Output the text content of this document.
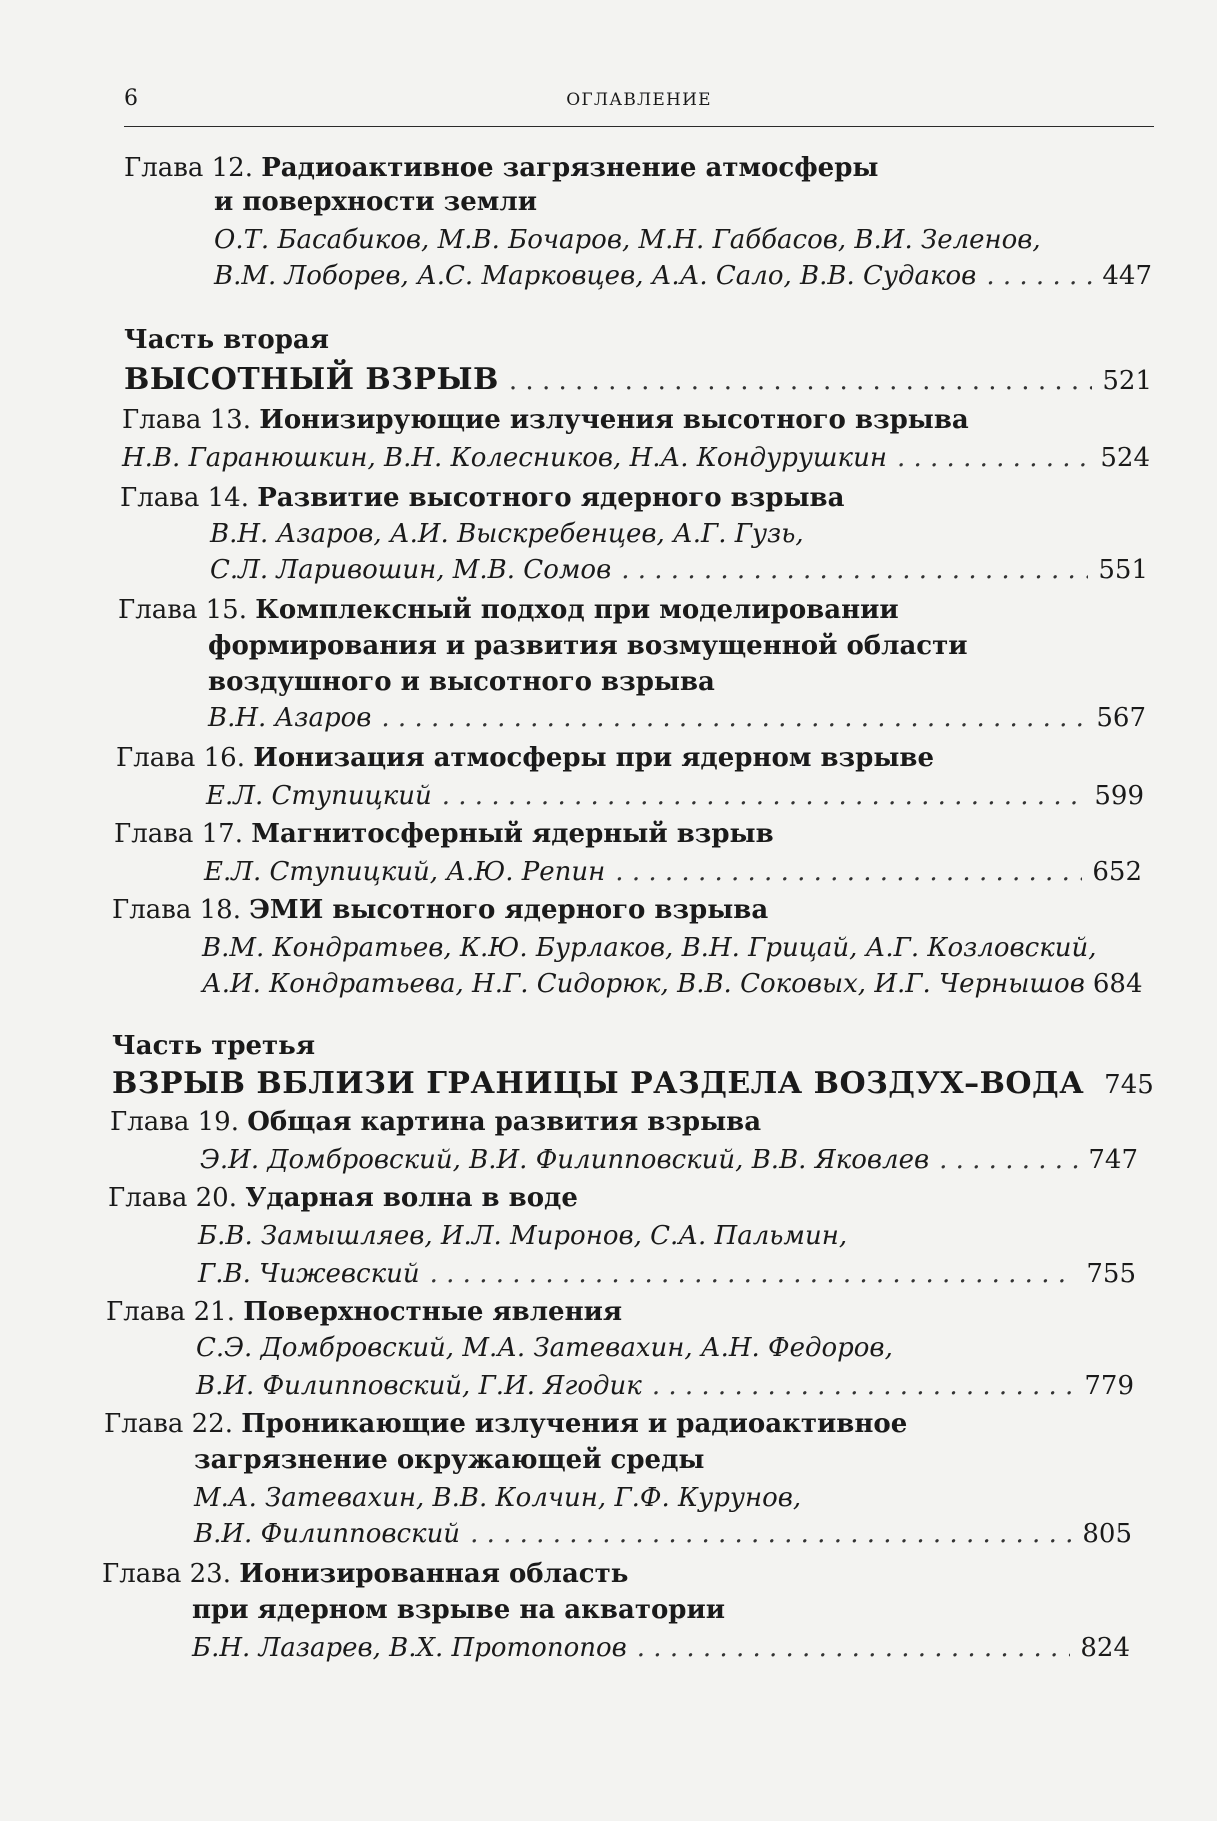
6	ОГЛАВЛЕНИЕ
Глава 12. Радиоактивное загрязнение атмосферы
и поверхности земли
О.Т. Басабиков, М.В. Бочаров, М.Н. Габбасов, В.И. Зеленов,
В.М. Лоборев, А.С. Марковцев, А.А. Сало, В.В. Судаков . . .	447
Часть вторая
ВЫСОТНЫЙ ВЗРЫВ . . .	521
Глава 13. Ионизирующие излучения высотного взрыва
Н.В. Гаранюшкин, В.Н. Колесников, Н.А. Кондурушкин . . .	524
Глава 14. Развитие высотного ядерного взрыва
В.Н. Азаров, А.И. Выскребенцев, А.Г. Гузь,
С.Л. Ларивошин, М.В. Сомов . . .	551
Глава 15. Комплексный подход при моделировании
формирования и развития возмущенной области
воздушного и высотного взрыва
В.Н. Азаров . . .	567
Глава 16. Ионизация атмосферы при ядерном взрыве
Е.Л. Ступицкий . . .	599
Глава 17. Магнитосферный ядерный взрыв
Е.Л. Ступицкий, А.Ю. Репин . . .	652
Глава 18. ЭМИ высотного ядерного взрыва
В.М. Кондратьев, К.Ю. Бурлаков, В.Н. Грицай, А.Г. Козловский,
А.И. Кондратьева, Н.Г. Сидорюк, В.В. Соковых, И.Г. Черныш​ов 684
Часть третья
ВЗРЫВ ВБЛИЗИ ГРАНИЦЫ РАЗДЕЛА ВОЗДУХ–ВОДА 745
Глава 19. Общая картина развития взрыва
Э.И. Домбровский, В.И. Филипповский, В.В. Яковлев . . .	747
Глава 20. Ударная волна в воде
Б.В. Замышляев, И.Л. Миронов, С.А. Пальмин,
Г.В. Чижевский . . .	755
Глава 21. Поверхностные явления
С.Э. Домбровский, М.А. Затевахин, А.Н. Федоров,
В.И. Филипповский, Г.И. Ягодик . . .	779
Глава 22. Проникающие излучения и радиоактивное
загрязнение окружающей среды
М.А. Затевахин, В.В. Колчин, Г.Ф. Курунов,
В.И. Филипповский . . .	805
Глава 23. Ионизированная область
при ядерном взрыве на акватории
Б.Н. Лазарев, В.Х. Протопопов . . .	824
